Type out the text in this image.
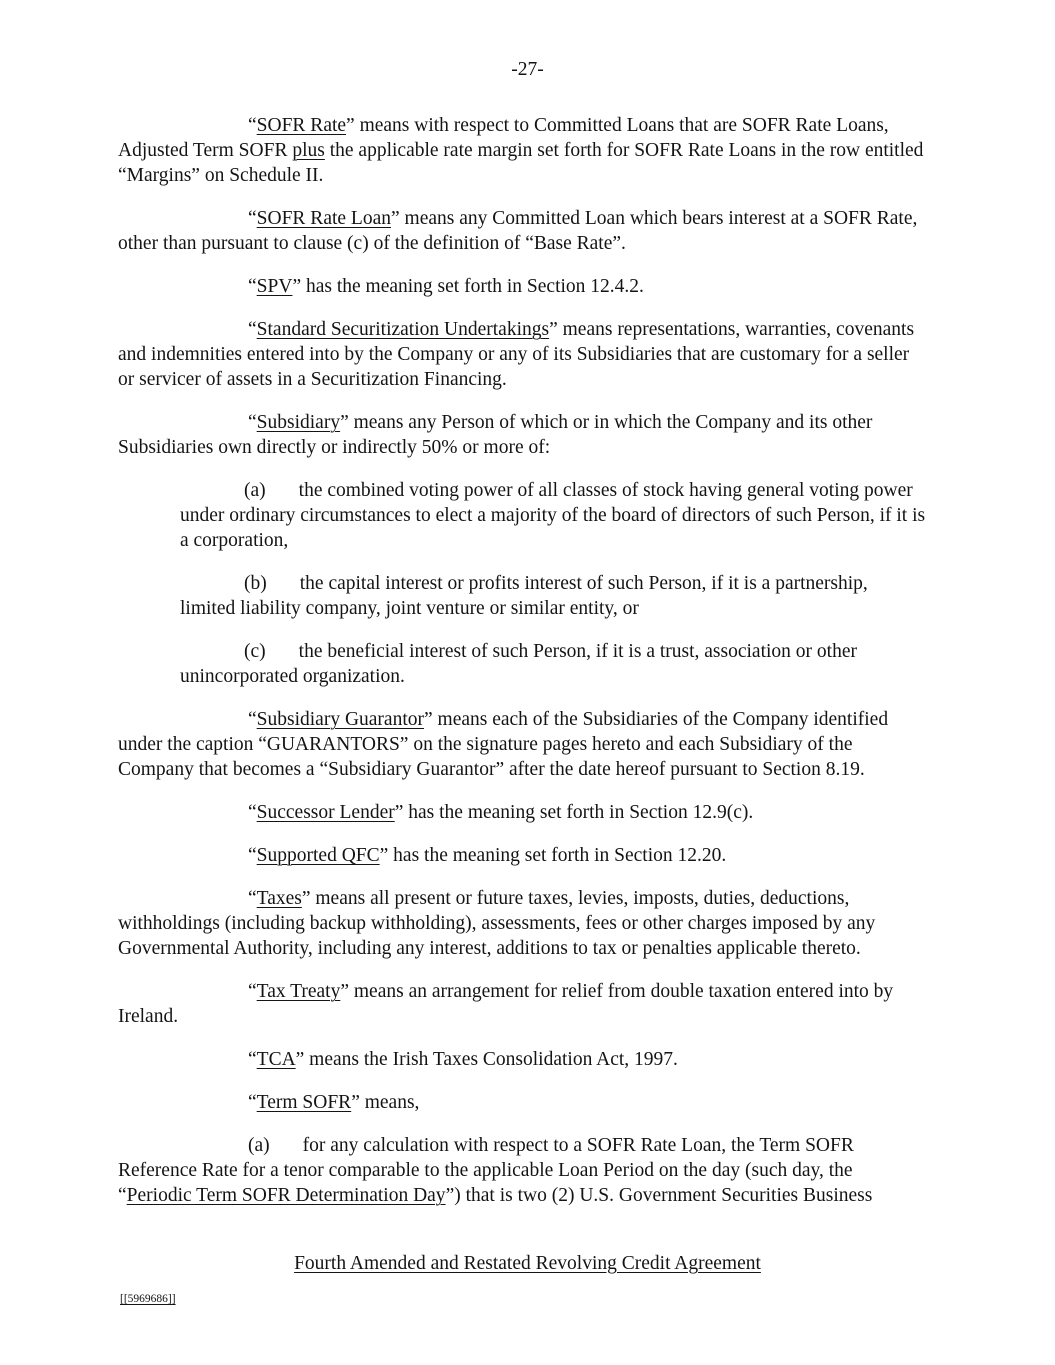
-27-
“SOFR Rate” means with respect to Committed Loans that are SOFR Rate Loans, Adjusted Term SOFR plus the applicable rate margin set forth for SOFR Rate Loans in the row entitled “Margins” on Schedule II.
“SOFR Rate Loan” means any Committed Loan which bears interest at a SOFR Rate, other than pursuant to clause (c) of the definition of “Base Rate”.
“SPV” has the meaning set forth in Section 12.4.2.
“Standard Securitization Undertakings” means representations, warranties, covenants and indemnities entered into by the Company or any of its Subsidiaries that are customary for a seller or servicer of assets in a Securitization Financing.
“Subsidiary” means any Person of which or in which the Company and its other Subsidiaries own directly or indirectly 50% or more of:
(a) the combined voting power of all classes of stock having general voting power under ordinary circumstances to elect a majority of the board of directors of such Person, if it is a corporation,
(b) the capital interest or profits interest of such Person, if it is a partnership, limited liability company, joint venture or similar entity, or
(c) the beneficial interest of such Person, if it is a trust, association or other unincorporated organization.
“Subsidiary Guarantor” means each of the Subsidiaries of the Company identified under the caption “GUARANTORS” on the signature pages hereto and each Subsidiary of the Company that becomes a “Subsidiary Guarantor” after the date hereof pursuant to Section 8.19.
“Successor Lender” has the meaning set forth in Section 12.9(c).
“Supported QFC” has the meaning set forth in Section 12.20.
“Taxes” means all present or future taxes, levies, imposts, duties, deductions, withholdings (including backup withholding), assessments, fees or other charges imposed by any Governmental Authority, including any interest, additions to tax or penalties applicable thereto.
“Tax Treaty” means an arrangement for relief from double taxation entered into by Ireland.
“TCA” means the Irish Taxes Consolidation Act, 1997.
“Term SOFR” means,
(a) for any calculation with respect to a SOFR Rate Loan, the Term SOFR Reference Rate for a tenor comparable to the applicable Loan Period on the day (such day, the “Periodic Term SOFR Determination Day”) that is two (2) U.S. Government Securities Business
Fourth Amended and Restated Revolving Credit Agreement
[[5969686]]
